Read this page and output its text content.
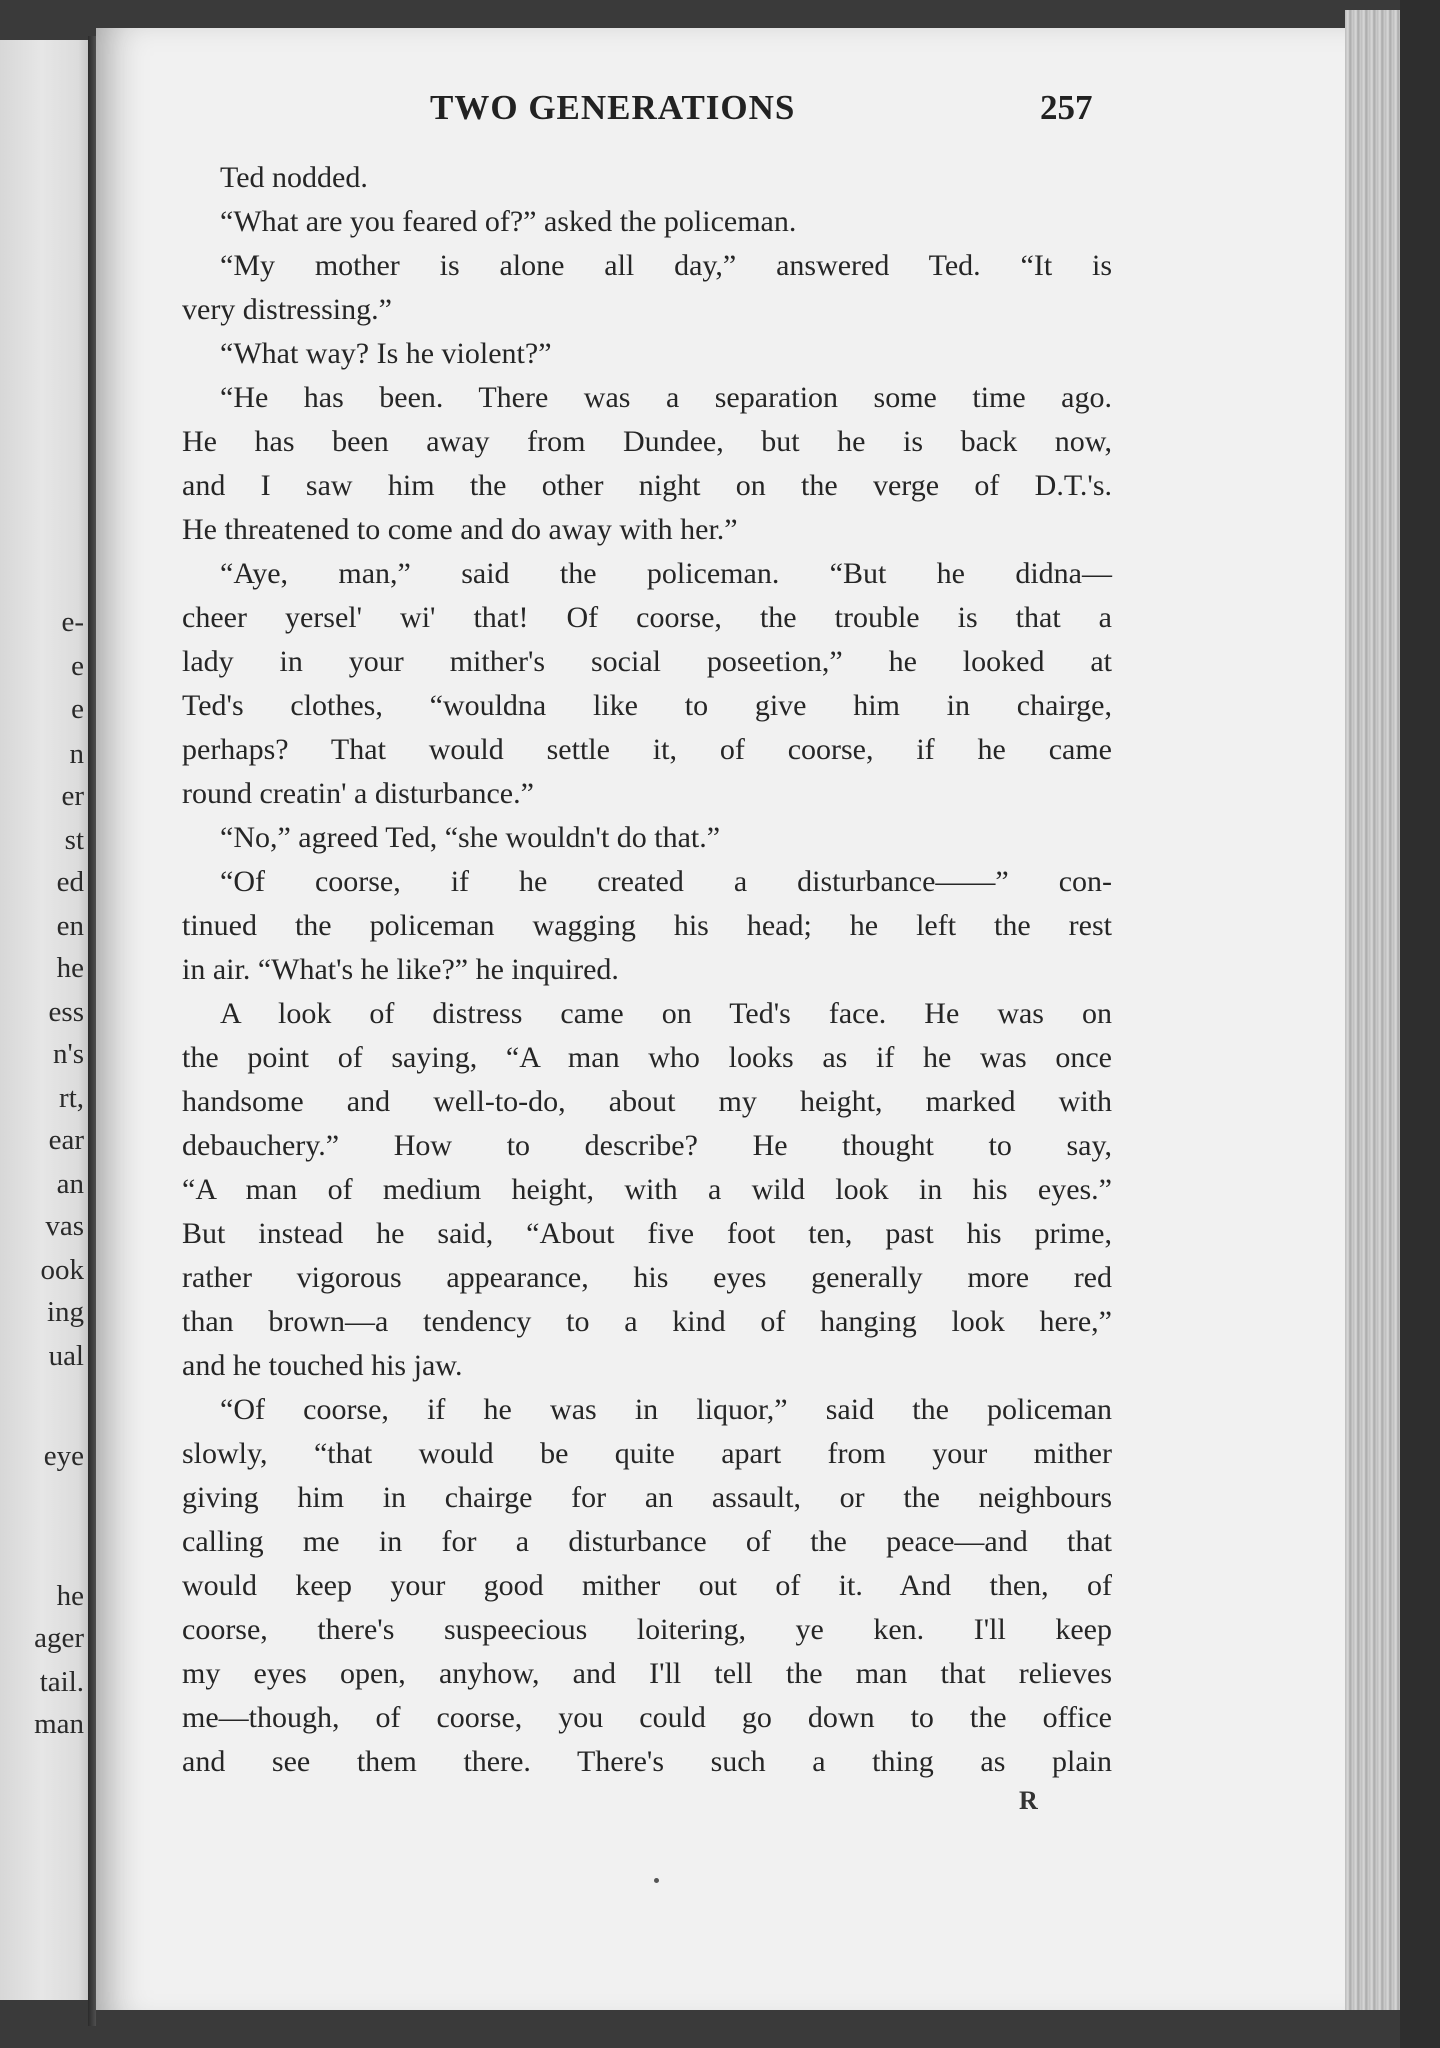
e-
e
e
n
er
st
ed
en
he
ess
n's
rt,
ear
an
vas
ook
ing
ual
eye
he
ager
tail.
man
TWO GENERATIONS	257
Ted nodded.
“What are you feared of?” asked the policeman.
“My mother is alone all day,” answered Ted. “It is
very distressing.”
“What way? Is he violent?”
“He has been. There was a separation some time ago.
He has been away from Dundee, but he is back now,
and I saw him the other night on the verge of D.T.'s.
He threatened to come and do away with her.”
“Aye, man,” said the policeman. “But he didna—
cheer yersel' wi' that! Of coorse, the trouble is that a
lady in your mither's social poseetion,” he looked at
Ted's clothes, “wouldna like to give him in chairge,
perhaps? That would settle it, of coorse, if he came
round creatin' a disturbance.”
“No,” agreed Ted, “she wouldn't do that.”
“Of coorse, if he created a disturbance——” con-
tinued the policeman wagging his head; he left the rest
in air. “What's he like?” he inquired.
A look of distress came on Ted's face. He was on
the point of saying, “A man who looks as if he was once
handsome and well-to-do, about my height, marked with
debauchery.” How to describe? He thought to say,
“A man of medium height, with a wild look in his eyes.”
But instead he said, “About five foot ten, past his prime,
rather vigorous appearance, his eyes generally more red
than brown—a tendency to a kind of hanging look here,”
and he touched his jaw.
“Of coorse, if he was in liquor,” said the policeman
slowly, “that would be quite apart from your mither
giving him in chairge for an assault, or the neighbours
calling me in for a disturbance of the peace—and that
would keep your good mither out of it. And then, of
coorse, there's suspeecious loitering, ye ken. I'll keep
my eyes open, anyhow, and I'll tell the man that relieves
me—though, of coorse, you could go down to the office
and see them there. There's such a thing as plain
R
